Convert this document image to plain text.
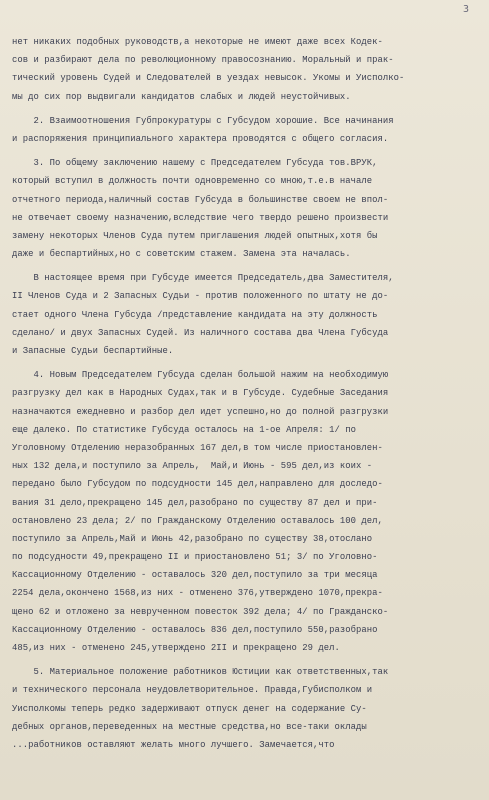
3
нет никаких подобных руководств,а некоторые не имеют даже всех Кодек-
сов и разбирают дела по революционному правосознанию. Моральный и прак-
тический уровень Судей и Следователей в уездах невысок. Укомы и Уисполко-
мы до сих пор выдвигали кандидатов слабых и людей неустойчивых.
2. Взаимоотношения Губпрокуратуры с Губсудом хорошие. Все начинания
и распоряжения принципиального характера проводятся с общего согласия.
3. По общему заключению нашему с Председателем Губсуда тов.ВРУК,
который вступил в должность почти одновременно со мною,т.е.в начале
отчетного периода,наличный состав Губсуда в большинстве своем не впол-
не отвечает своему назначению,вследствие чего твердо решено произвести
замену некоторых Членов Суда путем приглашения людей опытных,хотя бы
даже и беспартийных,но с советским стажем. Замена эта началась.
В настоящее время при Губсуде имеется Председатель,два Заместителя,
II Членов Суда и 2 Запасных Судьи - против положенного по штату не до-
стает одного Члена Губсуда /представление кандидата на эту должность
сделано/ и двух Запасных Судей. Из наличного состава два Члена Губсуда
и Запасные Судьи беспартийные.
4. Новым Председателем Губсуда сделан большой нажим на необходимую
разгрузку дел как в Народных Судах,так и в Губсуде. Судебные Заседания
назначаются ежедневно и разбор дел идет успешно,но до полной разгрузки
еще далеко. По статистике Губсуда осталось на 1-ое Апреля: 1/ по
Уголовному Отделению неразобранных 167 дел,в том числе приостановлен-
ных 132 дела,и поступило за Апрель,  Май,и Июнь - 595 дел,из коих -
передано было Губсудом по подсудности 145 дел,направлено для доследо-
вания 31 дело,прекращено 145 дел,разобрано по существу 87 дел и при-
остановлено 23 дела; 2/ по Гражданскому Отделению оставалось 100 дел,
поступило за Апрель,Май и Июнь 42,разобрано по существу 38,отослано
по подсудности 49,прекращено II и приостановлено 51; 3/ по Уголовно-
Кассационному Отделению - оставалось 320 дел,поступило за три месяца
2254 дела,окончено 1568,из них - отменено 376,утверждено 1070,прекра-
щено 62 и отложено за неврученном повесток 392 дела; 4/ по Гражданско-
Кассационному Отделению - оставалось 836 дел,поступило 550,разобрано
485,из них - отменено 245,утверждено 2II и прекращено 29 дел.
5. Материальное положение работников Юстиции как ответственных,так
и технического персонала неудовлетворительное. Правда,Губисполком и
Уисполкомы теперь редко задерживают отпуск денег на содержание Су-
дебных органов,переведенных на местные средства,но все-таки оклады
...работников оставляют желать много лучшего. Замечается,что
